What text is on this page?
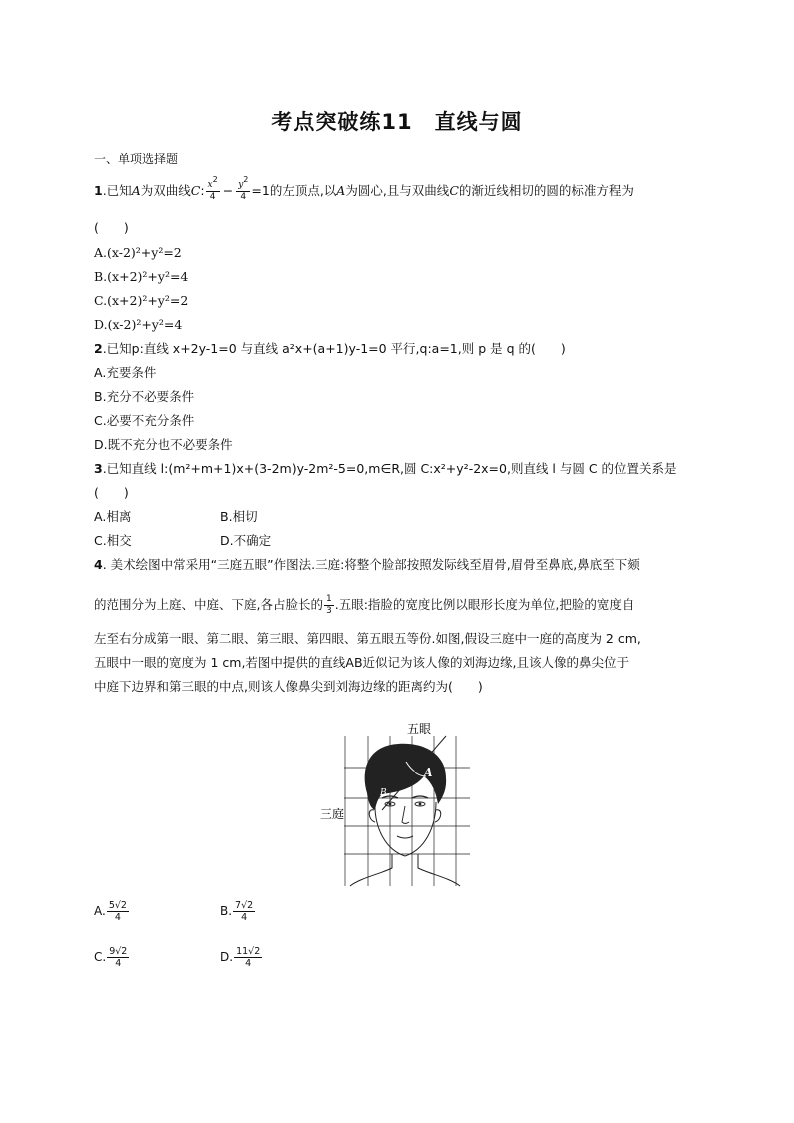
考点突破练11 直线与圆
一、单项选择题
1.已知A为双曲线C: $\frac{x^2}{4} - \frac{y^2}{4} =1$的左顶点,以A为圆心,且与双曲线C的渐近线相切的圆的标准方程为
(　　)
A.(x-2)²+y²=2
B.(x+2)²+y²=4
C.(x+2)²+y²=2
D.(x-2)²+y²=4
2.已知p:直线 x+2y-1=0 与直线 a²x+(a+1)y-1=0 平行,q:a=1,则 p 是 q 的(　　)
A.充要条件
B.充分不必要条件
C.必要不充分条件
D.既不充分也不必要条件
3.已知直线 l:(m²+m+1)x+(3-2m)y-2m²-5=0,m∈R,圆 C:x²+y²-2x=0,则直线 l 与圆 C 的位置关系是
(　　)
A.相离	B.相切
C.相交	D.不确定
4. 美术绘图中常采用“三庭五眼”作图法.三庭:将整个脸部按照发际线至眉骨,眉骨至鼻底,鼻底至下颏
的范围分为上庭、中庭、下庭,各占脸长的 $\frac{1}{3}$ .五眼:指脸的宽度比例以眼形长度为单位,把脸的宽度自
左至右分成第一眼、第二眼、第三眼、第四眼、第五眼五等份.如图,假设三庭中一庭的高度为 2 cm,
五眼中一眼的宽度为 1 cm,若图中提供的直线AB近似记为该人像的刘海边缘,且该人像的鼻尖位于
中庭下边界和第三眼的中点,则该人像鼻尖到刘海边缘的距离约为(　　)
五眼
三庭
A
B
A. $\frac{5√2}{4}$	B. $\frac{7√2}{4}$
C. $\frac{9√2}{4}$	D. $\frac{11√2}{4}$
